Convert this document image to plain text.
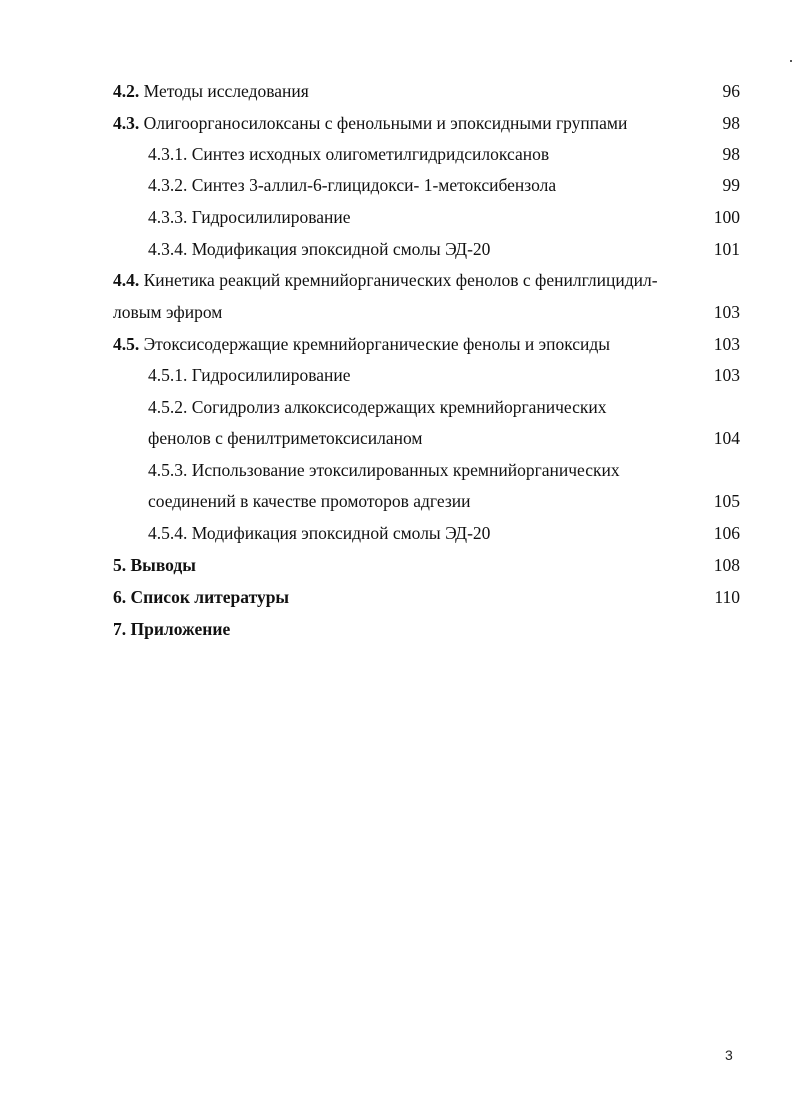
4.2. Методы исследования	96
4.3. Олигоорганосилоксаны с фенольными и эпоксидными группами	98
4.3.1. Синтез исходных олигометилгидридсилоксанов	98
4.3.2. Синтез 3-аллил-6-глицидокси- 1-метоксибензола	99
4.3.3. Гидросилилирование	100
4.3.4. Модификация эпоксидной смолы ЭД-20	101
4.4. Кинетика реакций кремнийорганических фенолов с фенилглицидил-
ловым эфиром	103
4.5. Этоксисодержащие кремнийорганические фенолы и эпоксиды	103
4.5.1. Гидросилилирование	103
4.5.2. Согидролиз алкоксисодержащих кремнийорганических
фенолов с фенилтриметоксисиланом	104
4.5.3. Использование этоксилированных кремнийорганических
соединений в качестве промоторов адгезии	105
4.5.4. Модификация эпоксидной смолы ЭД-20	106
5. Выводы	108
6. Список литературы	110
7. Приложение
3
